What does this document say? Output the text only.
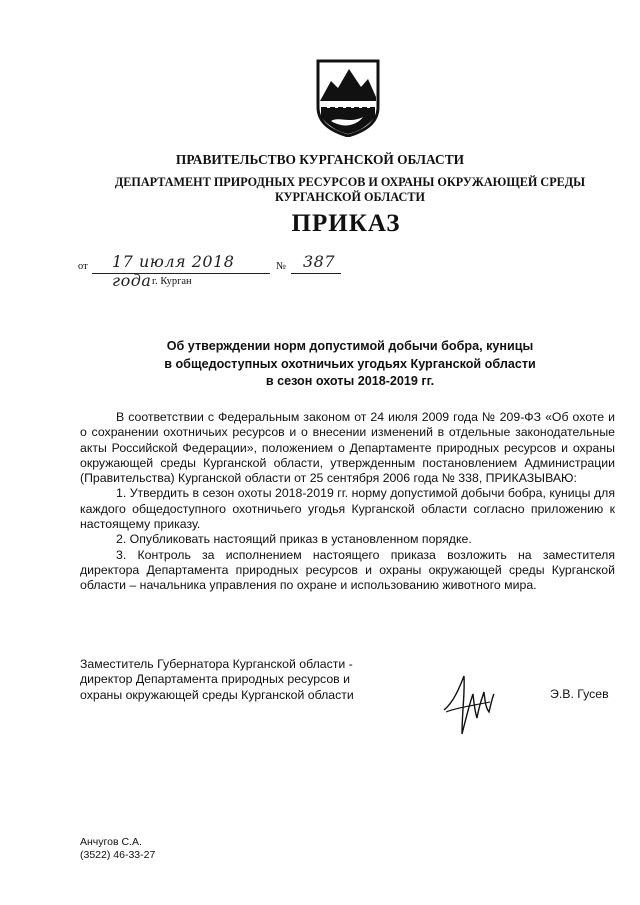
ПРАВИТЕЛЬСТВО КУРГАНСКОЙ ОБЛАСТИ
ДЕПАРТАМЕНТ ПРИРОДНЫХ РЕСУРСОВ И ОХРАНЫ ОКРУЖАЮЩЕЙ СРЕДЫ
КУРГАНСКОЙ ОБЛАСТИ
ПРИКАЗ
от 17 июля 2018 года
№ 387
г. Курган
Об утверждении норм допустимой добычи бобра, куницы
в общедоступных охотничьих угодьях Курганской области
в сезон охоты 2018-2019 гг.

В соответствии с Федеральным законом от 24 июля 2009 года № 209-ФЗ «Об охоте и о сохранении охотничьих ресурсов и о внесении изменений в отдельные законодательные акты Российской Федерации», положением о Департаменте природных ресурсов и охраны окружающей среды Курганской области, утвержденным постановлением Администрации (Правительства) Курганской области от 25 сентября 2006 года № 338, ПРИКАЗЫВАЮ:

1. Утвердить в сезон охоты 2018-2019 гг. норму допустимой добычи бобра, куницы для каждого общедоступного охотничьего угодья Курганской области согласно приложению к настоящему приказу.

2. Опубликовать настоящий приказ в установленном порядке.

3. Контроль за исполнением настоящего приказа возложить на заместителя директора Департамента природных ресурсов и охраны окружающей среды Курганской области – начальника управления по охране и использованию животного мира.

Заместитель Губернатора Курганской области -
директор Департамента природных ресурсов и
охраны окружающей среды Курганской области	Э.В. Гусев
Анчугов С.А.
(3522) 46-33-27
